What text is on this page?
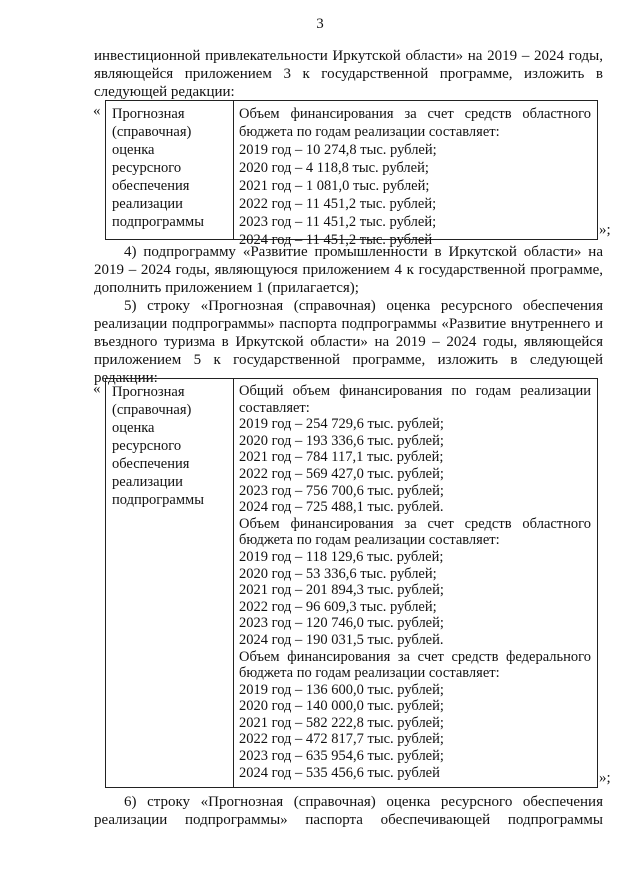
3
инвестиционной привлекательности Иркутской области» на 2019 – 2024 годы,
являющейся приложением 3 к государственной программе, изложить в
следующей редакции:
« Прогнозная
(справочная)
оценка
ресурсного
обеспечения
реализации
подпрограммы
Объем финансирования за счет средств областного
бюджета по годам реализации составляет:
2019 год – 10 274,8 тыс. рублей;
2020 год – 4 118,8 тыс. рублей;
2021 год – 1 081,0 тыс. рублей;
2022 год – 11 451,2 тыс. рублей;
2023 год – 11 451,2 тыс. рублей;
2024 год – 11 451,2 тыс. рублей
»;
4) подпрограмму «Развитие промышленности в Иркутской области» на
2019 – 2024 годы, являющуюся приложением 4 к государственной программе,
дополнить приложением 1 (прилагается);
5) строку «Прогнозная (справочная) оценка ресурсного обеспечения
реализации подпрограммы» паспорта подпрограммы «Развитие внутреннего и
въездного туризма в Иркутской области» на 2019 – 2024 годы, являющейся
приложением 5 к государственной программе, изложить в следующей
редакции:
« Прогнозная
(справочная)
оценка
ресурсного
обеспечения
реализации
подпрограммы
Общий объем финансирования по годам реализации
составляет:
2019 год – 254 729,6 тыс. рублей;
2020 год – 193 336,6 тыс. рублей;
2021 год – 784 117,1 тыс. рублей;
2022 год – 569 427,0 тыс. рублей;
2023 год – 756 700,6 тыс. рублей;
2024 год – 725 488,1 тыс. рублей.
Объем финансирования за счет средств областного
бюджета по годам реализации составляет:
2019 год – 118 129,6 тыс. рублей;
2020 год – 53 336,6 тыс. рублей;
2021 год – 201 894,3 тыс. рублей;
2022 год – 96 609,3 тыс. рублей;
2023 год – 120 746,0 тыс. рублей;
2024 год – 190 031,5 тыс. рублей.
Объем финансирования за счет средств федерального
бюджета по годам реализации составляет:
2019 год – 136 600,0 тыс. рублей;
2020 год – 140 000,0 тыс. рублей;
2021 год – 582 222,8 тыс. рублей;
2022 год – 472 817,7 тыс. рублей;
2023 год – 635 954,6 тыс. рублей;
2024 год – 535 456,6 тыс. рублей	»;
6) строку «Прогнозная (справочная) оценка ресурсного обеспечения
реализации подпрограммы» паспорта обеспечивающей подпрограммы
